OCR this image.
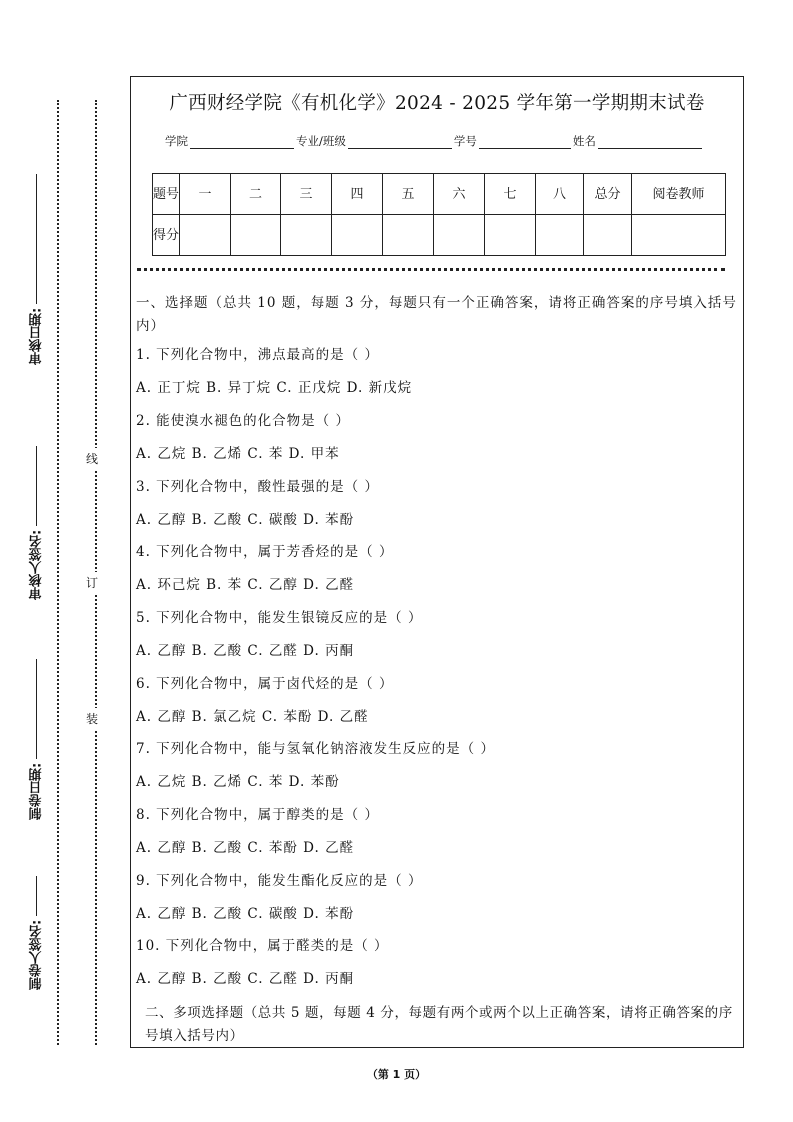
审核日期:
审核人签名:
制卷日期:
制卷人签名:
线
订
装
广西财经学院《有机化学》2024 - 2025 学年第一学期期末试卷
学院	专业/班级	学号	姓名
题号	一	二	三	四	五	六	七	八	总分	阅卷教师
得分										
一、选择题（总共 10 题，每题 3 分，每题只有一个正确答案，请将正确答案的序号填入括号内）
1. 下列化合物中，沸点最高的是（ ）
A. 正丁烷 B. 异丁烷 C. 正戊烷 D. 新戊烷
2. 能使溴水褪色的化合物是（ ）
A. 乙烷 B. 乙烯 C. 苯 D. 甲苯
3. 下列化合物中，酸性最强的是（ ）
A. 乙醇 B. 乙酸 C. 碳酸 D. 苯酚
4. 下列化合物中，属于芳香烃的是（ ）
A. 环己烷 B. 苯 C. 乙醇 D. 乙醛
5. 下列化合物中，能发生银镜反应的是（ ）
A. 乙醇 B. 乙酸 C. 乙醛 D. 丙酮
6. 下列化合物中，属于卤代烃的是（ ）
A. 乙醇 B. 氯乙烷 C. 苯酚 D. 乙醛
7. 下列化合物中，能与氢氧化钠溶液发生反应的是（ ）
A. 乙烷 B. 乙烯 C. 苯 D. 苯酚
8. 下列化合物中，属于醇类的是（ ）
A. 乙醇 B. 乙酸 C. 苯酚 D. 乙醛
9. 下列化合物中，能发生酯化反应的是（ ）
A. 乙醇 B. 乙酸 C. 碳酸 D. 苯酚
10. 下列化合物中，属于醛类的是（ ）
A. 乙醇 B. 乙酸 C. 乙醛 D. 丙酮
二、多项选择题（总共 5 题，每题 4 分，每题有两个或两个以上正确答案，请将正确答案的序号填入括号内）
（第 1 页）
